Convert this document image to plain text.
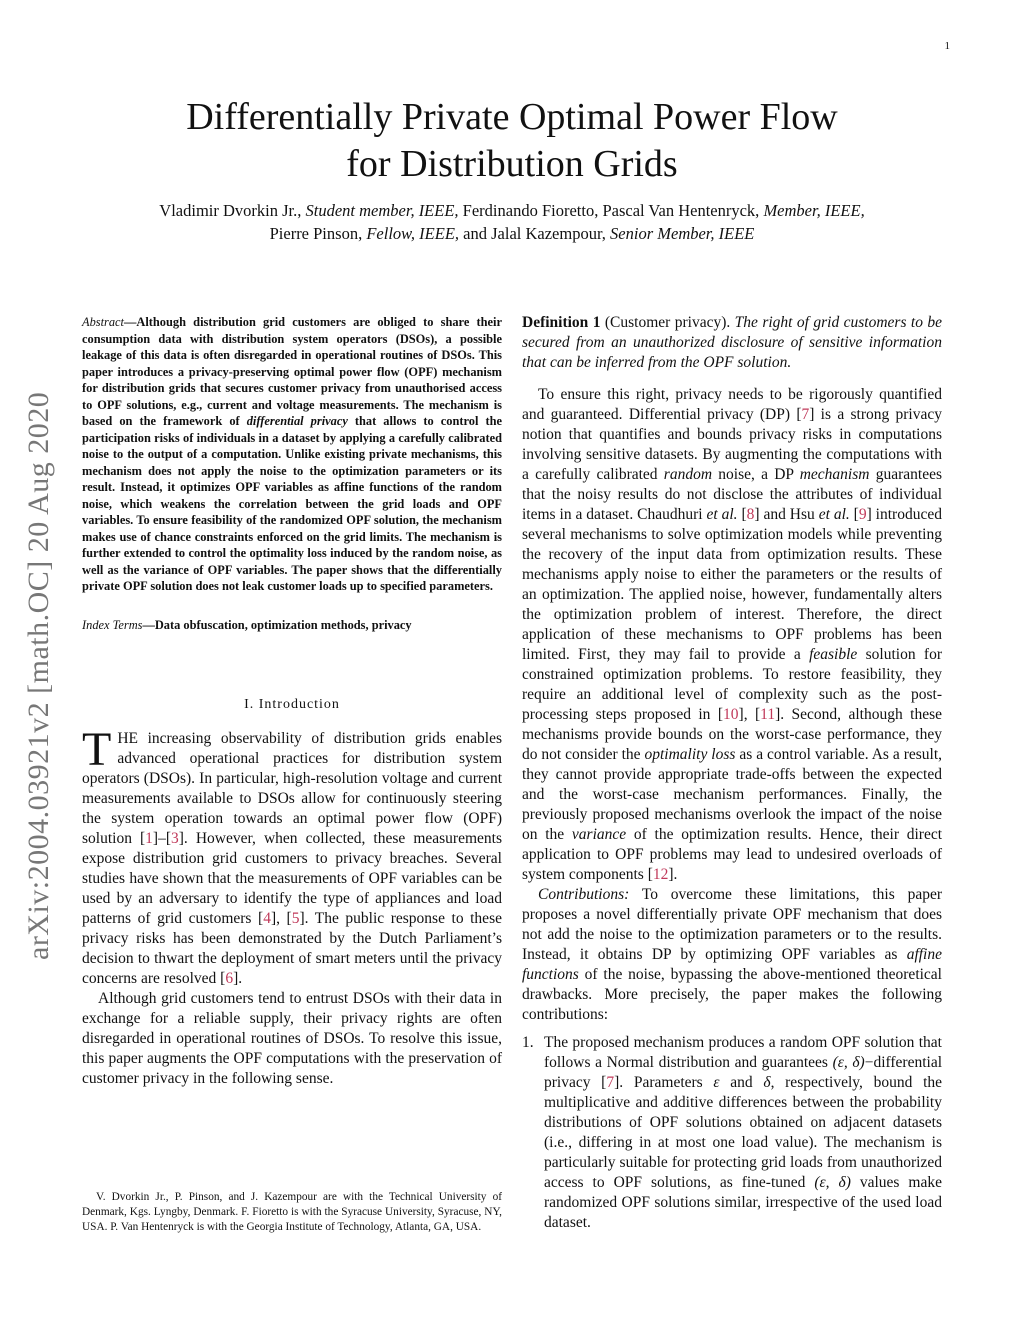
1
arXiv:2004.03921v2 [math.OC] 20 Aug 2020
Differentially Private Optimal Power Flow
for Distribution Grids
Vladimir Dvorkin Jr., Student member, IEEE, Ferdinando Fioretto, Pascal Van Hentenryck, Member, IEEE,
Pierre Pinson, Fellow, IEEE, and Jalal Kazempour, Senior Member, IEEE

Abstract—Although distribution grid customers are obliged to share their consumption data with distribution system operators (DSOs), a possible leakage of this data is often disregarded in operational routines of DSOs. This paper introduces a privacy-preserving optimal power flow (OPF) mechanism for distribution grids that secures customer privacy from unauthorised access to OPF solutions, e.g., current and voltage measurements. The mechanism is based on the framework of differential privacy that allows to control the participation risks of individuals in a dataset by applying a carefully calibrated noise to the output of a computation. Unlike existing private mechanisms, this mechanism does not apply the noise to the optimization parameters or its result. Instead, it optimizes OPF variables as affine functions of the random noise, which weakens the correlation between the grid loads and OPF variables. To ensure feasibility of the randomized OPF solution, the mechanism makes use of chance constraints enforced on the grid limits. The mechanism is further extended to control the optimality loss induced by the random noise, as well as the variance of OPF variables. The paper shows that the differentially private OPF solution does not leak customer loads up to specified parameters.

Index Terms—Data obfuscation, optimization methods, privacy

I. Introduction

THE increasing observability of distribution grids enables advanced operational practices for distribution system operators (DSOs). In particular, high-resolution voltage and current measurements available to DSOs allow for continuously steering the system operation towards an optimal power flow (OPF) solution [1]–[3]. However, when collected, these measurements expose distribution grid customers to privacy breaches. Several studies have shown that the measurements of OPF variables can be used by an adversary to identify the type of appliances and load patterns of grid customers [4], [5]. The public response to these privacy risks has been demonstrated by the Dutch Parliament’s decision to thwart the deployment of smart meters until the privacy concerns are resolved [6].

Although grid customers tend to entrust DSOs with their data in exchange for a reliable supply, their privacy rights are often disregarded in operational routines of DSOs. To resolve this issue, this paper augments the OPF computations with the preservation of customer privacy in the following sense.

V. Dvorkin Jr., P. Pinson, and J. Kazempour are with the Technical University of Denmark, Kgs. Lyngby, Denmark. F. Fioretto is with the Syracuse University, Syracuse, NY, USA. P. Van Hentenryck is with the Georgia Institute of Technology, Atlanta, GA, USA.

Definition 1 (Customer privacy). The right of grid customers to be secured from an unauthorized disclosure of sensitive information that can be inferred from the OPF solution.

To ensure this right, privacy needs to be rigorously quantified and guaranteed. Differential privacy (DP) [7] is a strong privacy notion that quantifies and bounds privacy risks in computations involving sensitive datasets. By augmenting the computations with a carefully calibrated random noise, a DP mechanism guarantees that the noisy results do not disclose the attributes of individual items in a dataset. Chaudhuri et al. [8] and Hsu et al. [9] introduced several mechanisms to solve optimization models while preventing the recovery of the input data from optimization results. These mechanisms apply noise to either the parameters or the results of an optimization. The applied noise, however, fundamentally alters the optimization problem of interest. Therefore, the direct application of these mechanisms to OPF problems has been limited. First, they may fail to provide a feasible solution for constrained optimization problems. To restore feasibility, they require an additional level of complexity such as the post-processing steps proposed in [10], [11]. Second, although these mechanisms provide bounds on the worst-case performance, they do not consider the optimality loss as a control variable. As a result, they cannot provide appropriate trade-offs between the expected and the worst-case mechanism performances. Finally, the previously proposed mechanisms overlook the impact of the noise on the variance of the optimization results. Hence, their direct application to OPF problems may lead to undesired overloads of system components [12].

Contributions: To overcome these limitations, this paper proposes a novel differentially private OPF mechanism that does not add the noise to the optimization parameters or to the results. Instead, it obtains DP by optimizing OPF variables as affine functions of the noise, bypassing the above-mentioned theoretical drawbacks. More precisely, the paper makes the following contributions:

1. The proposed mechanism produces a random OPF solution that follows a Normal distribution and guarantees (ε, δ)−differential privacy [7]. Parameters ε and δ, respectively, bound the multiplicative and additive differences between the probability distributions of OPF solutions obtained on adjacent datasets (i.e., differing in at most one load value). The mechanism is particularly suitable for protecting grid loads from unauthorized access to OPF solutions, as fine-tuned (ε, δ) values make randomized OPF solutions similar, irrespective of the used load dataset.
